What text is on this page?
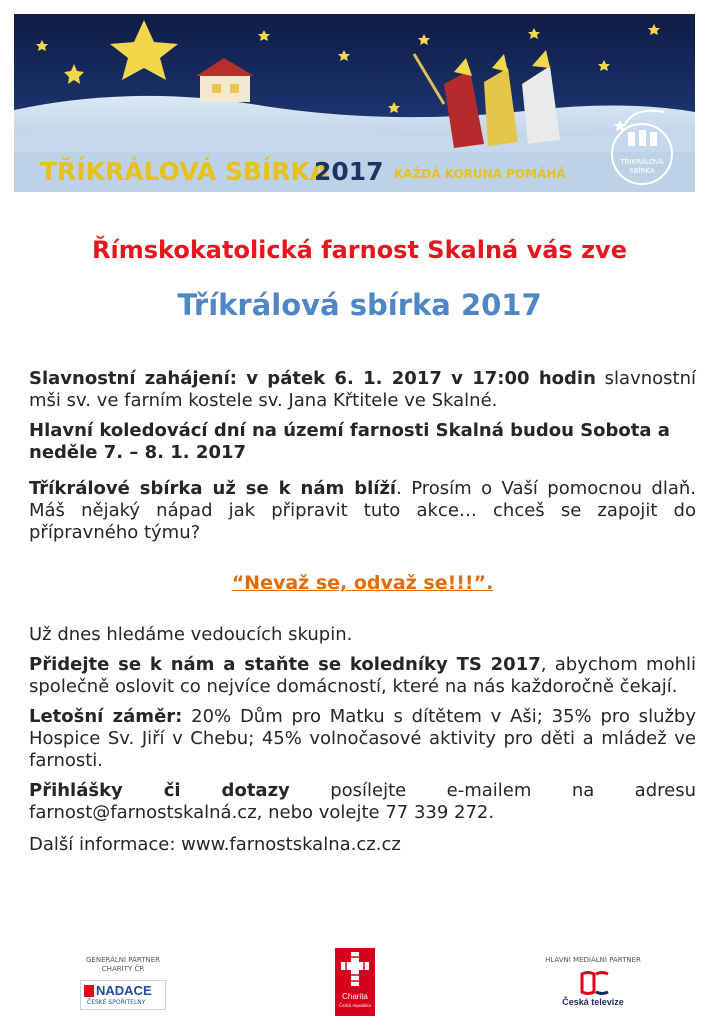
TŘÍKRÁLOVÁ SBÍRKA
2017 KAŽDÁ KORUNA POMÁHÁ
TŘÍKRÁLOVÁ
SBÍRKA
Římskokatolická farnost Skalná vás zve
Tříkrálová sbírka 2017

Slavnostní zahájení: v pátek 6. 1. 2017 v 17:00 hodin slavnostní mši sv. ve farním kostele sv. Jana Křtitele ve Skalné.

Hlavní koledovácí dní na území farnosti Skalná budou Sobota a neděle 7. – 8. 1. 2017

Tříkrálové sbírka už se k nám blíží. Prosím o Vaší pomocnou dlaň. Máš nějaký nápad jak připravit tuto akce… chceš se zapojit do přípravného týmu?

“Nevaž se, odvaž se!!!”.

Už dnes hledáme vedoucích skupin.

Přidejte se k nám a staňte se koledníky TS 2017, abychom mohli společně oslovit co nejvíce domácností, které na nás každoročně čekají.

Letošní záměr: 20% Dům pro Matku s dítětem v Aši; 35% pro služby Hospice Sv. Jiří v Chebu; 45% volnočasové aktivity pro děti a mládež ve farnosti.

Přihlášky či dotazy posílejte e-mailem na adresu farnost@farnostskalná.cz, nebo volejte 77 339 272.

Další informace: www.farnostskalna.cz.cz

GENERÁLNÍ PARTNER CHARITY ČR
NADACE
ČESKÉ SPOŘITELNY
Charita
Česká republika
HLAVNÍ MEDIÁLNÍ PARTNER
Česká televize
